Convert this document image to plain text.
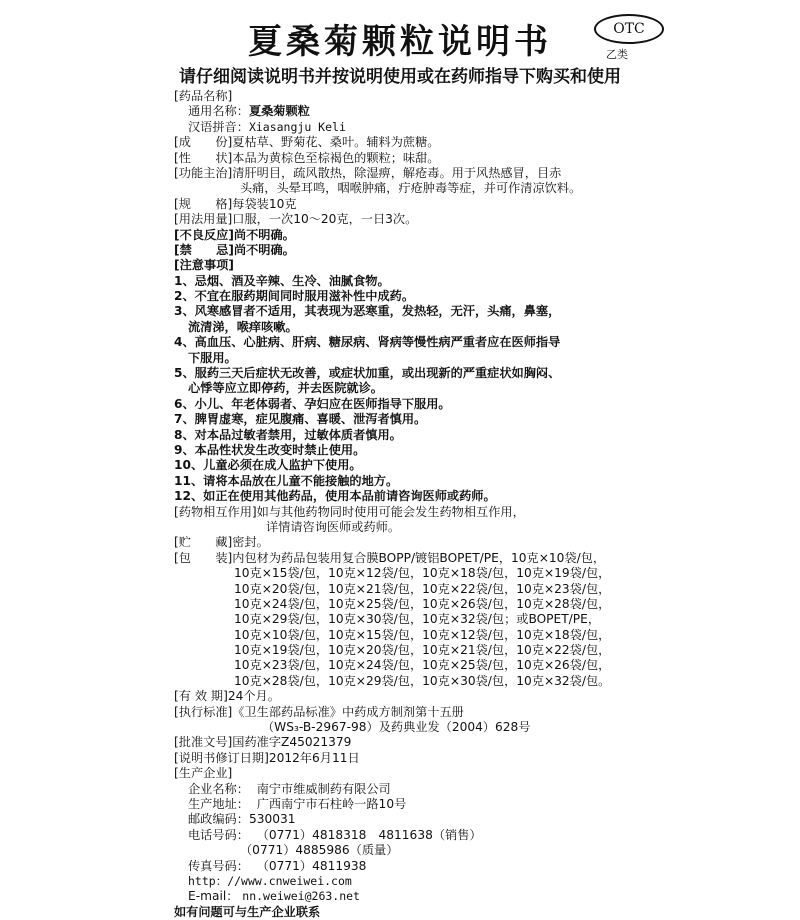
夏桑菊颗粒说明书	OTC
乙类
请仔细阅读说明书并按说明使用或在药师指导下购买和使用
[药品名称]
通用名称：夏桑菊颗粒
汉语拼音：Xiasangju Keli
[成　　份]夏枯草、野菊花、桑叶。辅料为蔗糖。
[性　　状]本品为黄棕色至棕褐色的颗粒；味甜。
[功能主治]清肝明目，疏风散热，除湿痹，解疮毒。用于风热感冒，目赤
头痛，头晕耳鸣，咽喉肿痛，疔疮肿毒等症，并可作清凉饮料。
[规　　格]每袋装10克
[用法用量]口服，一次10～20克，一日3次。
[不良反应]尚不明确。
[禁　　忌]尚不明确。
[注意事项]
1、忌烟、酒及辛辣、生冷、油腻食物。
2、不宜在服药期间同时服用滋补性中成药。
3、风寒感冒者不适用，其表现为恶寒重，发热轻，无汗，头痛，鼻塞，
流清涕，喉痒咳嗽。
4、高血压、心脏病、肝病、糖尿病、肾病等慢性病严重者应在医师指导
下服用。
5、服药三天后症状无改善，或症状加重，或出现新的严重症状如胸闷、
心悸等应立即停药，并去医院就诊。
6、小儿、年老体弱者、孕妇应在医师指导下服用。
7、脾胃虚寒，症见腹痛、喜暖、泄泻者慎用。
8、对本品过敏者禁用，过敏体质者慎用。
9、本品性状发生改变时禁止使用。
10、儿童必须在成人监护下使用。
11、请将本品放在儿童不能接触的地方。
12、如正在使用其他药品，使用本品前请咨询医师或药师。
[药物相互作用]如与其他药物同时使用可能会发生药物相互作用，
详情请咨询医师或药师。
[贮　　藏]密封。
[包　　装]内包材为药品包装用复合膜BOPP/镀铝BOPET/PE，10克×10袋/包，
10克×15袋/包，10克×12袋/包，10克×18袋/包，10克×19袋/包，
10克×20袋/包，10克×21袋/包，10克×22袋/包，10克×23袋/包，
10克×24袋/包，10克×25袋/包，10克×26袋/包，10克×28袋/包，
10克×29袋/包，10克×30袋/包，10克×32袋/包；或BOPET/PE，
10克×10袋/包，10克×15袋/包，10克×12袋/包，10克×18袋/包，
10克×19袋/包，10克×20袋/包，10克×21袋/包，10克×22袋/包，
10克×23袋/包，10克×24袋/包，10克×25袋/包，10克×26袋/包，
10克×28袋/包，10克×29袋/包，10克×30袋/包，10克×32袋/包。
[有 效 期]24个月。
[执行标准]《卫生部药品标准》中药成方制剂第十五册
（WS₃-B-2967-98）及药典业发（2004）628号
[批准文号]国药准字Z45021379
[说明书修订日期]2012年6月11日
[生产企业]
企业名称： 南宁市维威制药有限公司
生产地址： 广西南宁市石柱岭一路10号
邮政编码：530031
电话号码： （0771）4818318　4811638（销售）
（0771）4885986（质量）
传真号码： （0771）4811938
http：//www.cnweiwei.com
E-mail： nn.weiwei@263.net
如有问题可与生产企业联系
